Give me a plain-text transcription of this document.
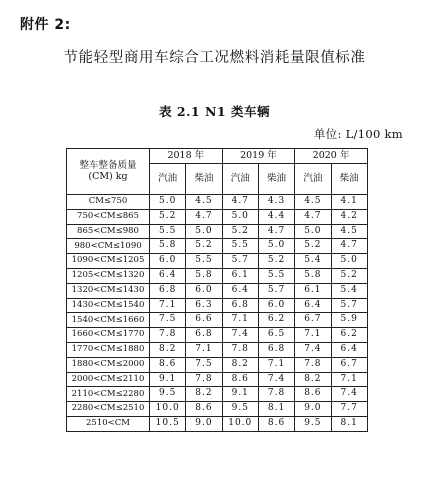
附件 2:
节能轻型商用车综合工况燃料消耗量限值标准
表 2.1 N1 类车辆
单位: L/100 km
整车整备质量
(CM) kg	2018 年		2019 年		2020 年	
	汽油	柴油	汽油	柴油	汽油	柴油
CM≤750	5.0	4.5	4.7	4.3	4.5	4.1
750<CM≤865	5.2	4.7	5.0	4.4	4.7	4.2
865<CM≤980	5.5	5.0	5.2	4.7	5.0	4.5
980<CM≤1090	5.8	5.2	5.5	5.0	5.2	4.7
1090<CM≤1205	6.0	5.5	5.7	5.2	5.4	5.0
1205<CM≤1320	6.4	5.8	6.1	5.5	5.8	5.2
1320<CM≤1430	6.8	6.0	6.4	5.7	6.1	5.4
1430<CM≤1540	7.1	6.3	6.8	6.0	6.4	5.7
1540<CM≤1660	7.5	6.6	7.1	6.2	6.7	5.9
1660<CM≤1770	7.8	6.8	7.4	6.5	7.1	6.2
1770<CM≤1880	8.2	7.1	7.8	6.8	7.4	6.4
1880<CM≤2000	8.6	7.5	8.2	7.1	7.8	6.7
2000<CM≤2110	9.1	7.8	8.6	7.4	8.2	7.1
2110<CM≤2280	9.5	8.2	9.1	7.8	8.6	7.4
2280<CM≤2510	10.0	8.6	9.5	8.1	9.0	7.7
2510<CM	10.5	9.0	10.0	8.6	9.5	8.1
